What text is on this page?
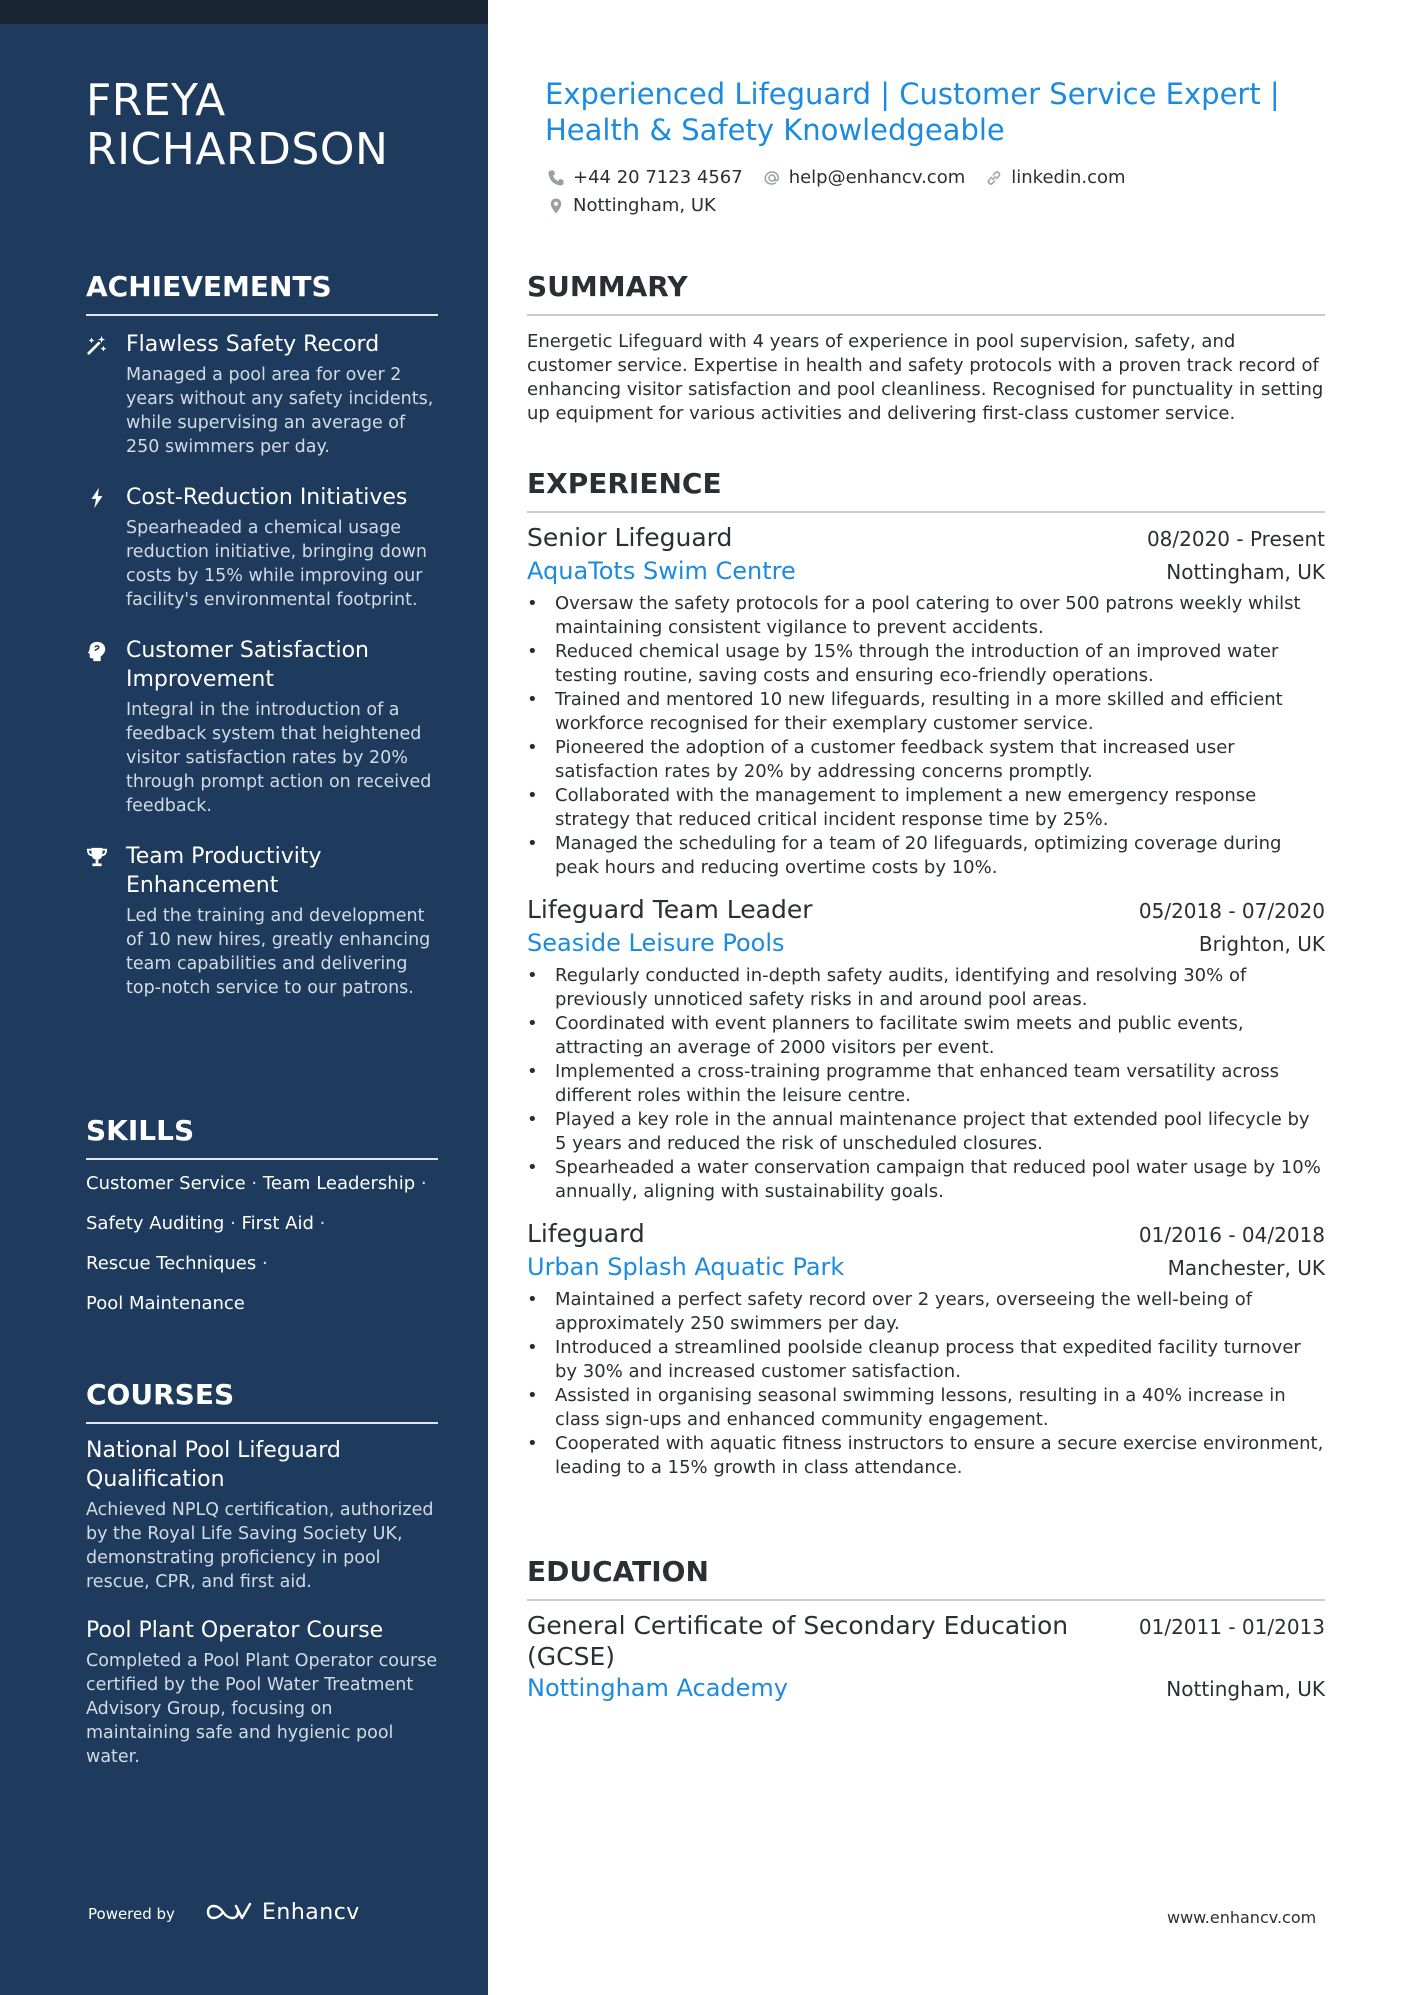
FREYA RICHARDSON
ACHIEVEMENTS
Flawless Safety Record
Managed a pool area for over 2 years without any safety incidents, while supervising an average of 250 swimmers per day.
Cost-Reduction Initiatives
Spearheaded a chemical usage reduction initiative, bringing down costs by 15% while improving our facility's environmental footprint.
Customer Satisfaction Improvement
Integral in the introduction of a feedback system that heightened visitor satisfaction rates by 20% through prompt action on received feedback.
Team Productivity Enhancement
Led the training and development of 10 new hires, greatly enhancing team capabilities and delivering top-notch service to our patrons.
SKILLS
Customer Service · Team Leadership ·
Safety Auditing · First Aid ·
Rescue Techniques ·
Pool Maintenance
COURSES
National Pool Lifeguard Qualification
Achieved NPLQ certification, authorized by the Royal Life Saving Society UK, demonstrating proficiency in pool rescue, CPR, and first aid.
Pool Plant Operator Course
Completed a Pool Plant Operator course certified by the Pool Water Treatment Advisory Group, focusing on maintaining safe and hygienic pool water.
Powered by	Enhancv
Experienced Lifeguard | Customer Service Expert | Health & Safety Knowledgeable
+44 20 7123 4567	help@enhancv.com	linkedin.com
Nottingham, UK
SUMMARY

Energetic Lifeguard with 4 years of experience in pool supervision, safety, and customer service. Expertise in health and safety protocols with a proven track record of enhancing visitor satisfaction and pool cleanliness. Recognised for punctuality in setting up equipment for various activities and delivering first-class customer service.

EXPERIENCE
Senior Lifeguard	08/2020 - Present
AquaTots Swim Centre	Nottingham, UK
• Oversaw the safety protocols for a pool catering to over 500 patrons weekly whilst maintaining consistent vigilance to prevent accidents.
• Reduced chemical usage by 15% through the introduction of an improved water testing routine, saving costs and ensuring eco-friendly operations.
• Trained and mentored 10 new lifeguards, resulting in a more skilled and efficient workforce recognised for their exemplary customer service.
• Pioneered the adoption of a customer feedback system that increased user satisfaction rates by 20% by addressing concerns promptly.
• Collaborated with the management to implement a new emergency response strategy that reduced critical incident response time by 25%.
• Managed the scheduling for a team of 20 lifeguards, optimizing coverage during peak hours and reducing overtime costs by 10%.
Lifeguard Team Leader	05/2018 - 07/2020
Seaside Leisure Pools	Brighton, UK
• Regularly conducted in-depth safety audits, identifying and resolving 30% of previously unnoticed safety risks in and around pool areas.
• Coordinated with event planners to facilitate swim meets and public events, attracting an average of 2000 visitors per event.
• Implemented a cross-training programme that enhanced team versatility across different roles within the leisure centre.
• Played a key role in the annual maintenance project that extended pool lifecycle by 5 years and reduced the risk of unscheduled closures.
• Spearheaded a water conservation campaign that reduced pool water usage by 10% annually, aligning with sustainability goals.
Lifeguard	01/2016 - 04/2018
Urban Splash Aquatic Park	Manchester, UK
• Maintained a perfect safety record over 2 years, overseeing the well-being of approximately 250 swimmers per day.
• Introduced a streamlined poolside cleanup process that expedited facility turnover by 30% and increased customer satisfaction.
• Assisted in organising seasonal swimming lessons, resulting in a 40% increase in class sign-ups and enhanced community engagement.
• Cooperated with aquatic fitness instructors to ensure a secure exercise environment, leading to a 15% growth in class attendance.
EDUCATION
General Certificate of Secondary Education (GCSE)
01/2011 - 01/2013
Nottingham Academy	Nottingham, UK
www.enhancv.com
